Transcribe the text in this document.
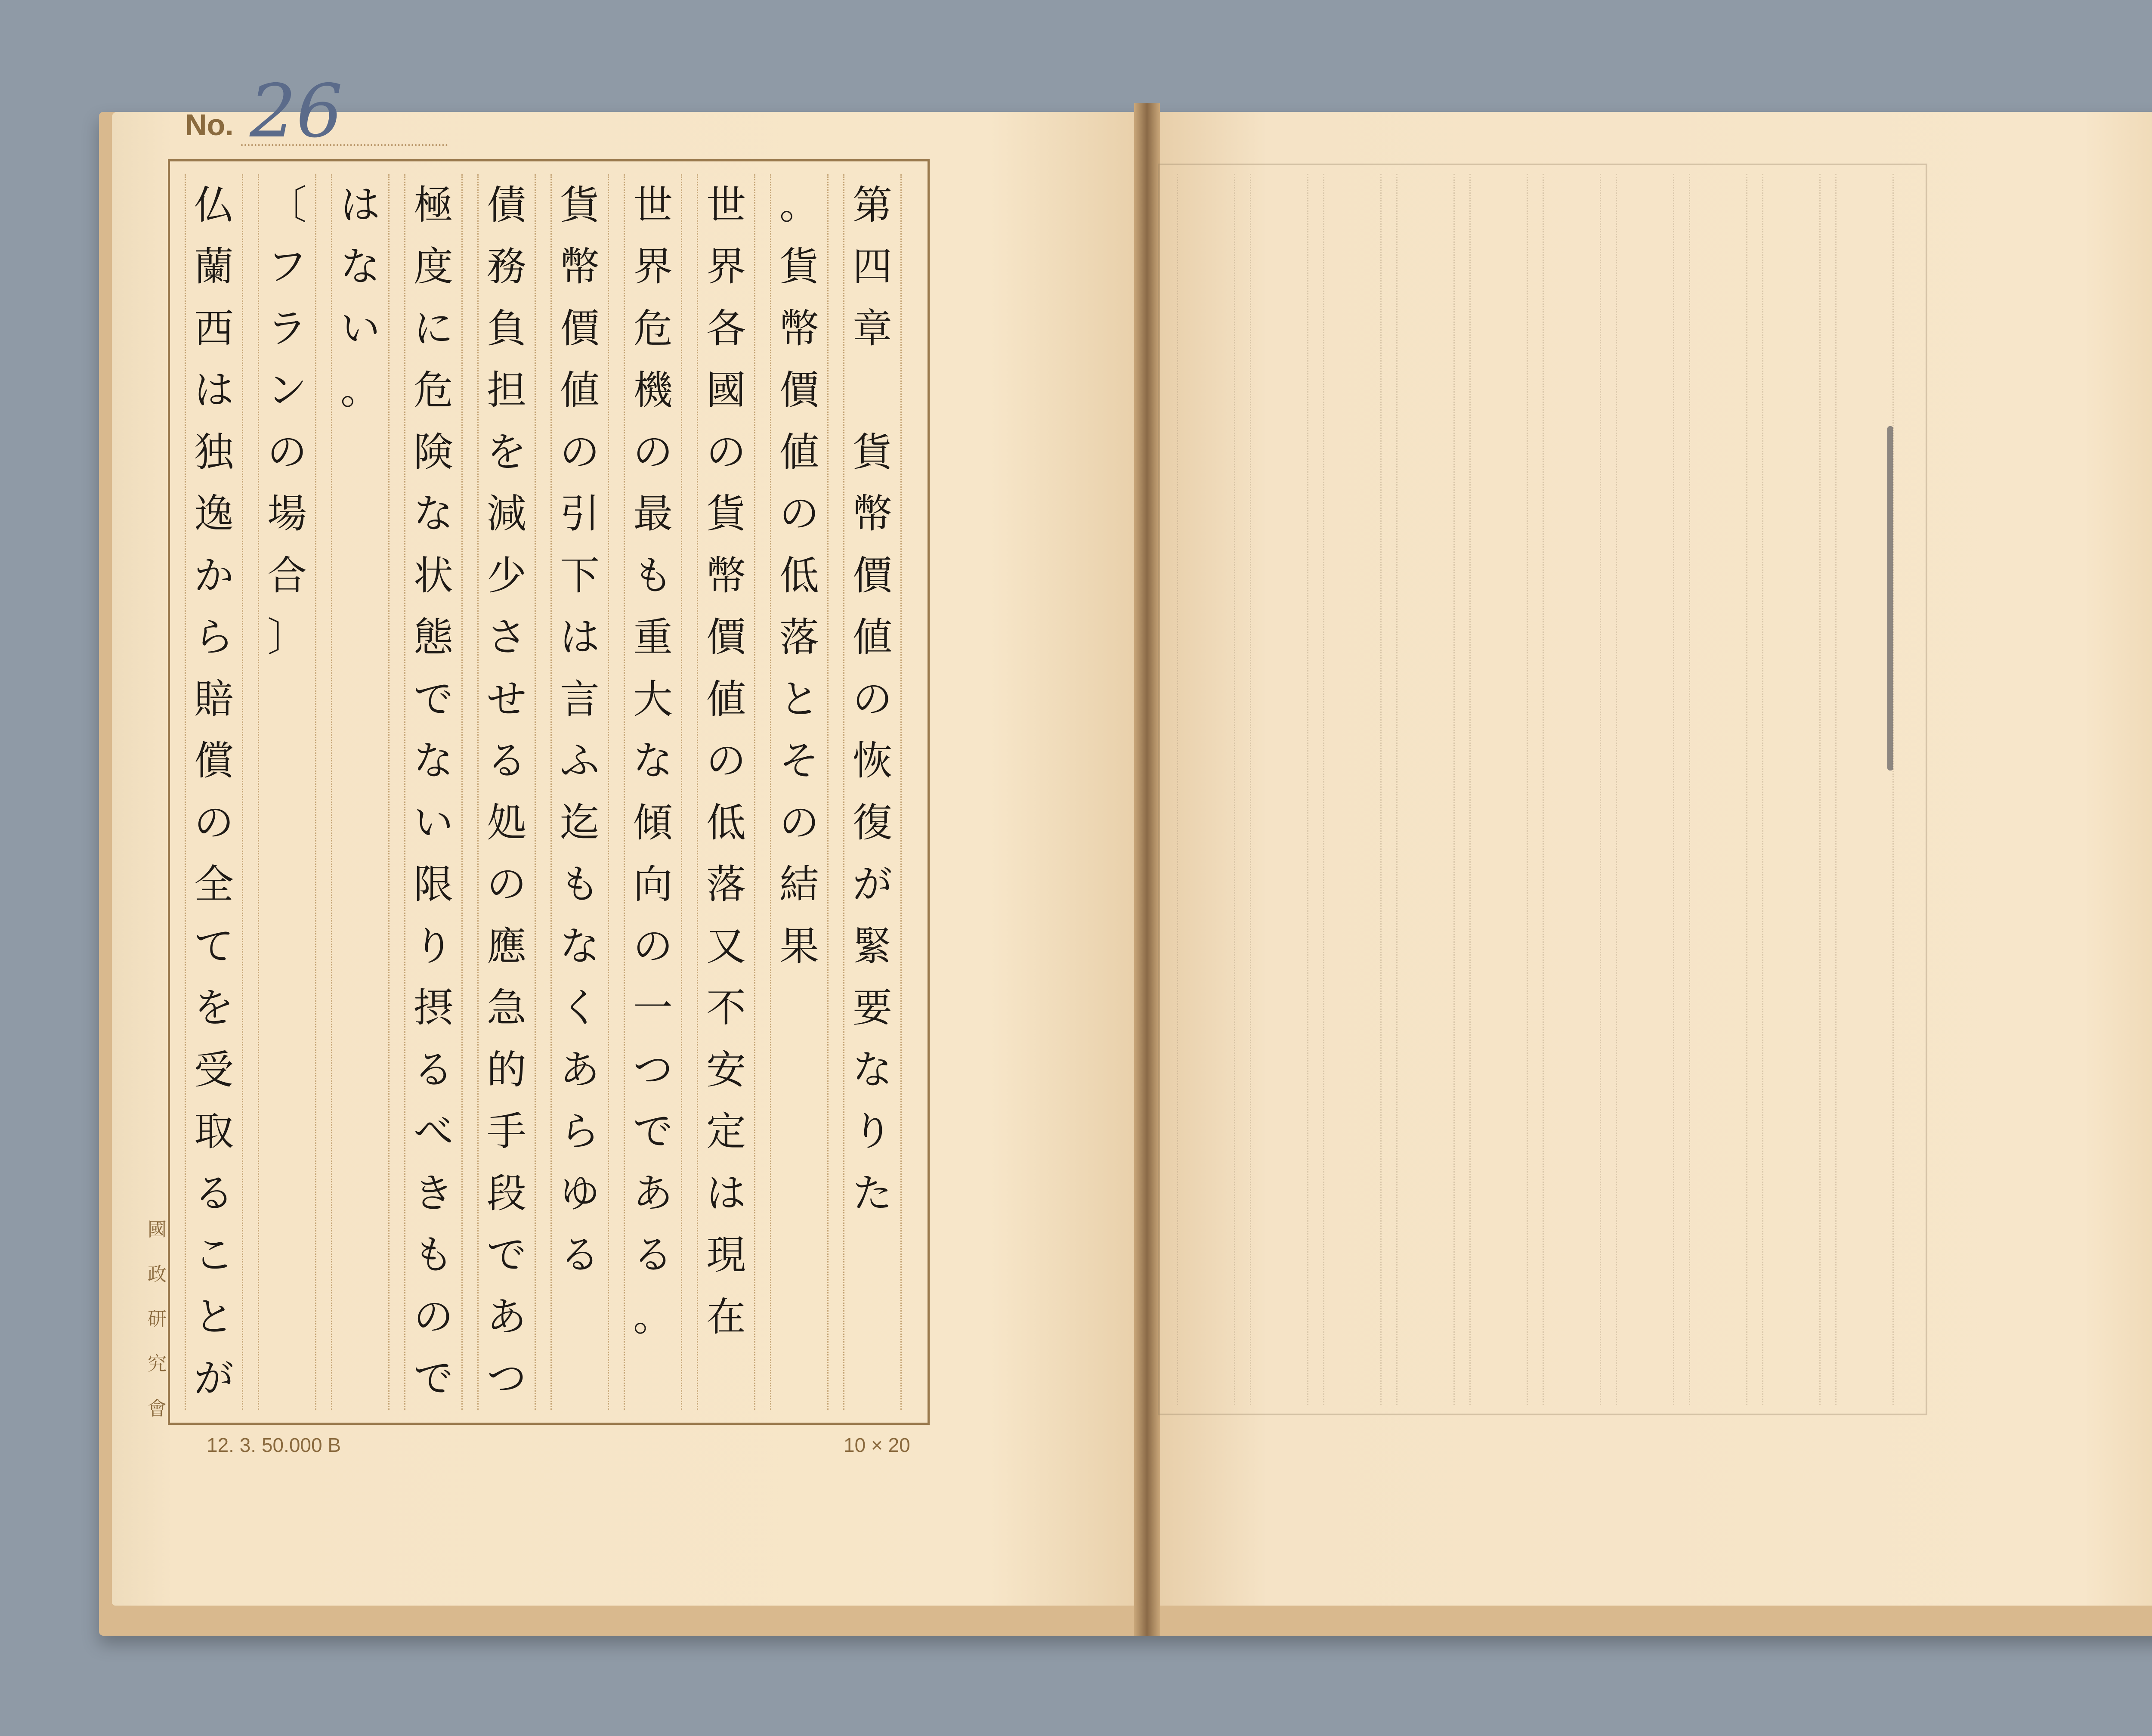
No. 26
第
四
章
貨
幣
價
値
の
恢
復
が
緊
要
な
り
た
。
貨
幣
價
値
の
低
落
と
そ
の
結
果
世
界
各
國
の
貨
幣
價
値
の
低
落
又
不
安
定
は
現
在
世
界
危
機
の
最
も
重
大
な
傾
向
の
一
つ
で
あ
る
。
貨
幣
價
値
の
引
下
は
言
ふ
迄
も
な
く
あ
ら
ゆ
る
債
務
負
担
を
減
少
さ
せ
る
処
の
應
急
的
手
段
で
あ
つ
極
度
に
危
険
な
状
態
で
な
い
限
り
摂
る
べ
き
も
の
で
は
な
い
。
〔
フ
ラ
ン
の
場
合
〕
仏
蘭
西
は
独
逸
か
ら
賠
償
の
全
て
を
受
取
る
こ
と
が
國
政
研
究
會
12. 3. 50.000 B	10 × 20
